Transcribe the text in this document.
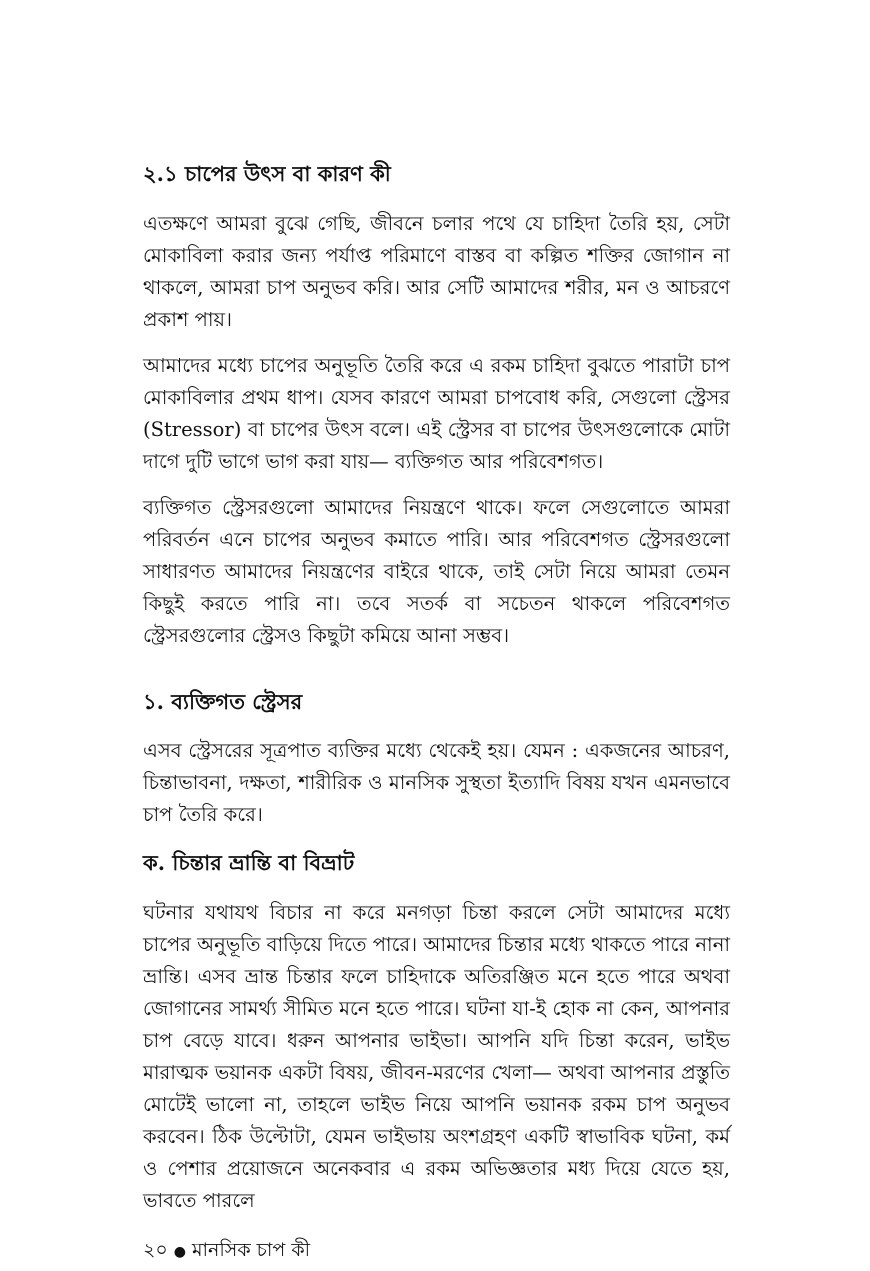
২.১ চাপের উৎস বা কারণ কী

এতক্ষণে আমরা বুঝে গেছি, জীবনে চলার পথে যে চাহিদা তৈরি হয়, সেটা মোকাবিলা করার জন্য পর্যাপ্ত পরিমাণে বাস্তব বা কল্পিত শক্তির জোগান না থাকলে, আমরা চাপ অনুভব করি। আর সেটি আমাদের শরীর, মন ও আচরণে প্রকাশ পায়।

আমাদের মধ্যে চাপের অনুভূতি তৈরি করে এ রকম চাহিদা বুঝতে পারাটা চাপ মোকাবিলার প্রথম ধাপ। যেসব কারণে আমরা চাপবোধ করি, সেগুলো স্ট্রেসর (Stressor) বা চাপের উৎস বলে। এই স্ট্রেসর বা চাপের উৎসগুলোকে মোটা দাগে দুটি ভাগে ভাগ করা যায়— ব্যক্তিগত আর পরিবেশগত।

ব্যক্তিগত স্ট্রেসরগুলো আমাদের নিয়ন্ত্রণে থাকে। ফলে সেগুলোতে আমরা পরিবর্তন এনে চাপের অনুভব কমাতে পারি। আর পরিবেশগত স্ট্রেসরগুলো সাধারণত আমাদের নিয়ন্ত্রণের বাইরে থাকে, তাই সেটা নিয়ে আমরা তেমন কিছুই করতে পারি না। তবে সতর্ক বা সচেতন থাকলে পরিবেশগত স্ট্রেসরগুলোর স্ট্রেসও কিছুটা কমিয়ে আনা সম্ভব।

১. ব্যক্তিগত স্ট্রেসর

এসব স্ট্রেসরের সূত্রপাত ব্যক্তির মধ্যে থেকেই হয়। যেমন : একজনের আচরণ, চিন্তাভাবনা, দক্ষতা, শারীরিক ও মানসিক সুস্থতা ইত্যাদি বিষয় যখন এমনভাবে চাপ তৈরি করে।

ক. চিন্তার ভ্রান্তি বা বিভ্রাট

ঘটনার যথাযথ বিচার না করে মনগড়া চিন্তা করলে সেটা আমাদের মধ্যে চাপের অনুভূতি বাড়িয়ে দিতে পারে। আমাদের চিন্তার মধ্যে থাকতে পারে নানা ভ্রান্তি। এসব ভ্রান্ত চিন্তার ফলে চাহিদাকে অতিরঞ্জিত মনে হতে পারে অথবা জোগানের সামর্থ্য সীমিত মনে হতে পারে। ঘটনা যা-ই হোক না কেন, আপনার চাপ বেড়ে যাবে। ধরুন আপনার ভাইভা। আপনি যদি চিন্তা করেন, ভাইভ মারাত্মক ভয়ানক একটা বিষয়, জীবন-মরণের খেলা— অথবা আপনার প্রস্তুতি মোটেই ভালো না, তাহলে ভাইভ নিয়ে আপনি ভয়ানক রকম চাপ অনুভব করবেন। ঠিক উল্টোটা, যেমন ভাইভায় অংশগ্রহণ একটি স্বাভাবিক ঘটনা, কর্ম ও পেশার প্রয়োজনে অনেকবার এ রকম অভিজ্ঞতার মধ্য দিয়ে যেতে হয়, ভাবতে পারলে

২০ ● মানসিক চাপ কী
